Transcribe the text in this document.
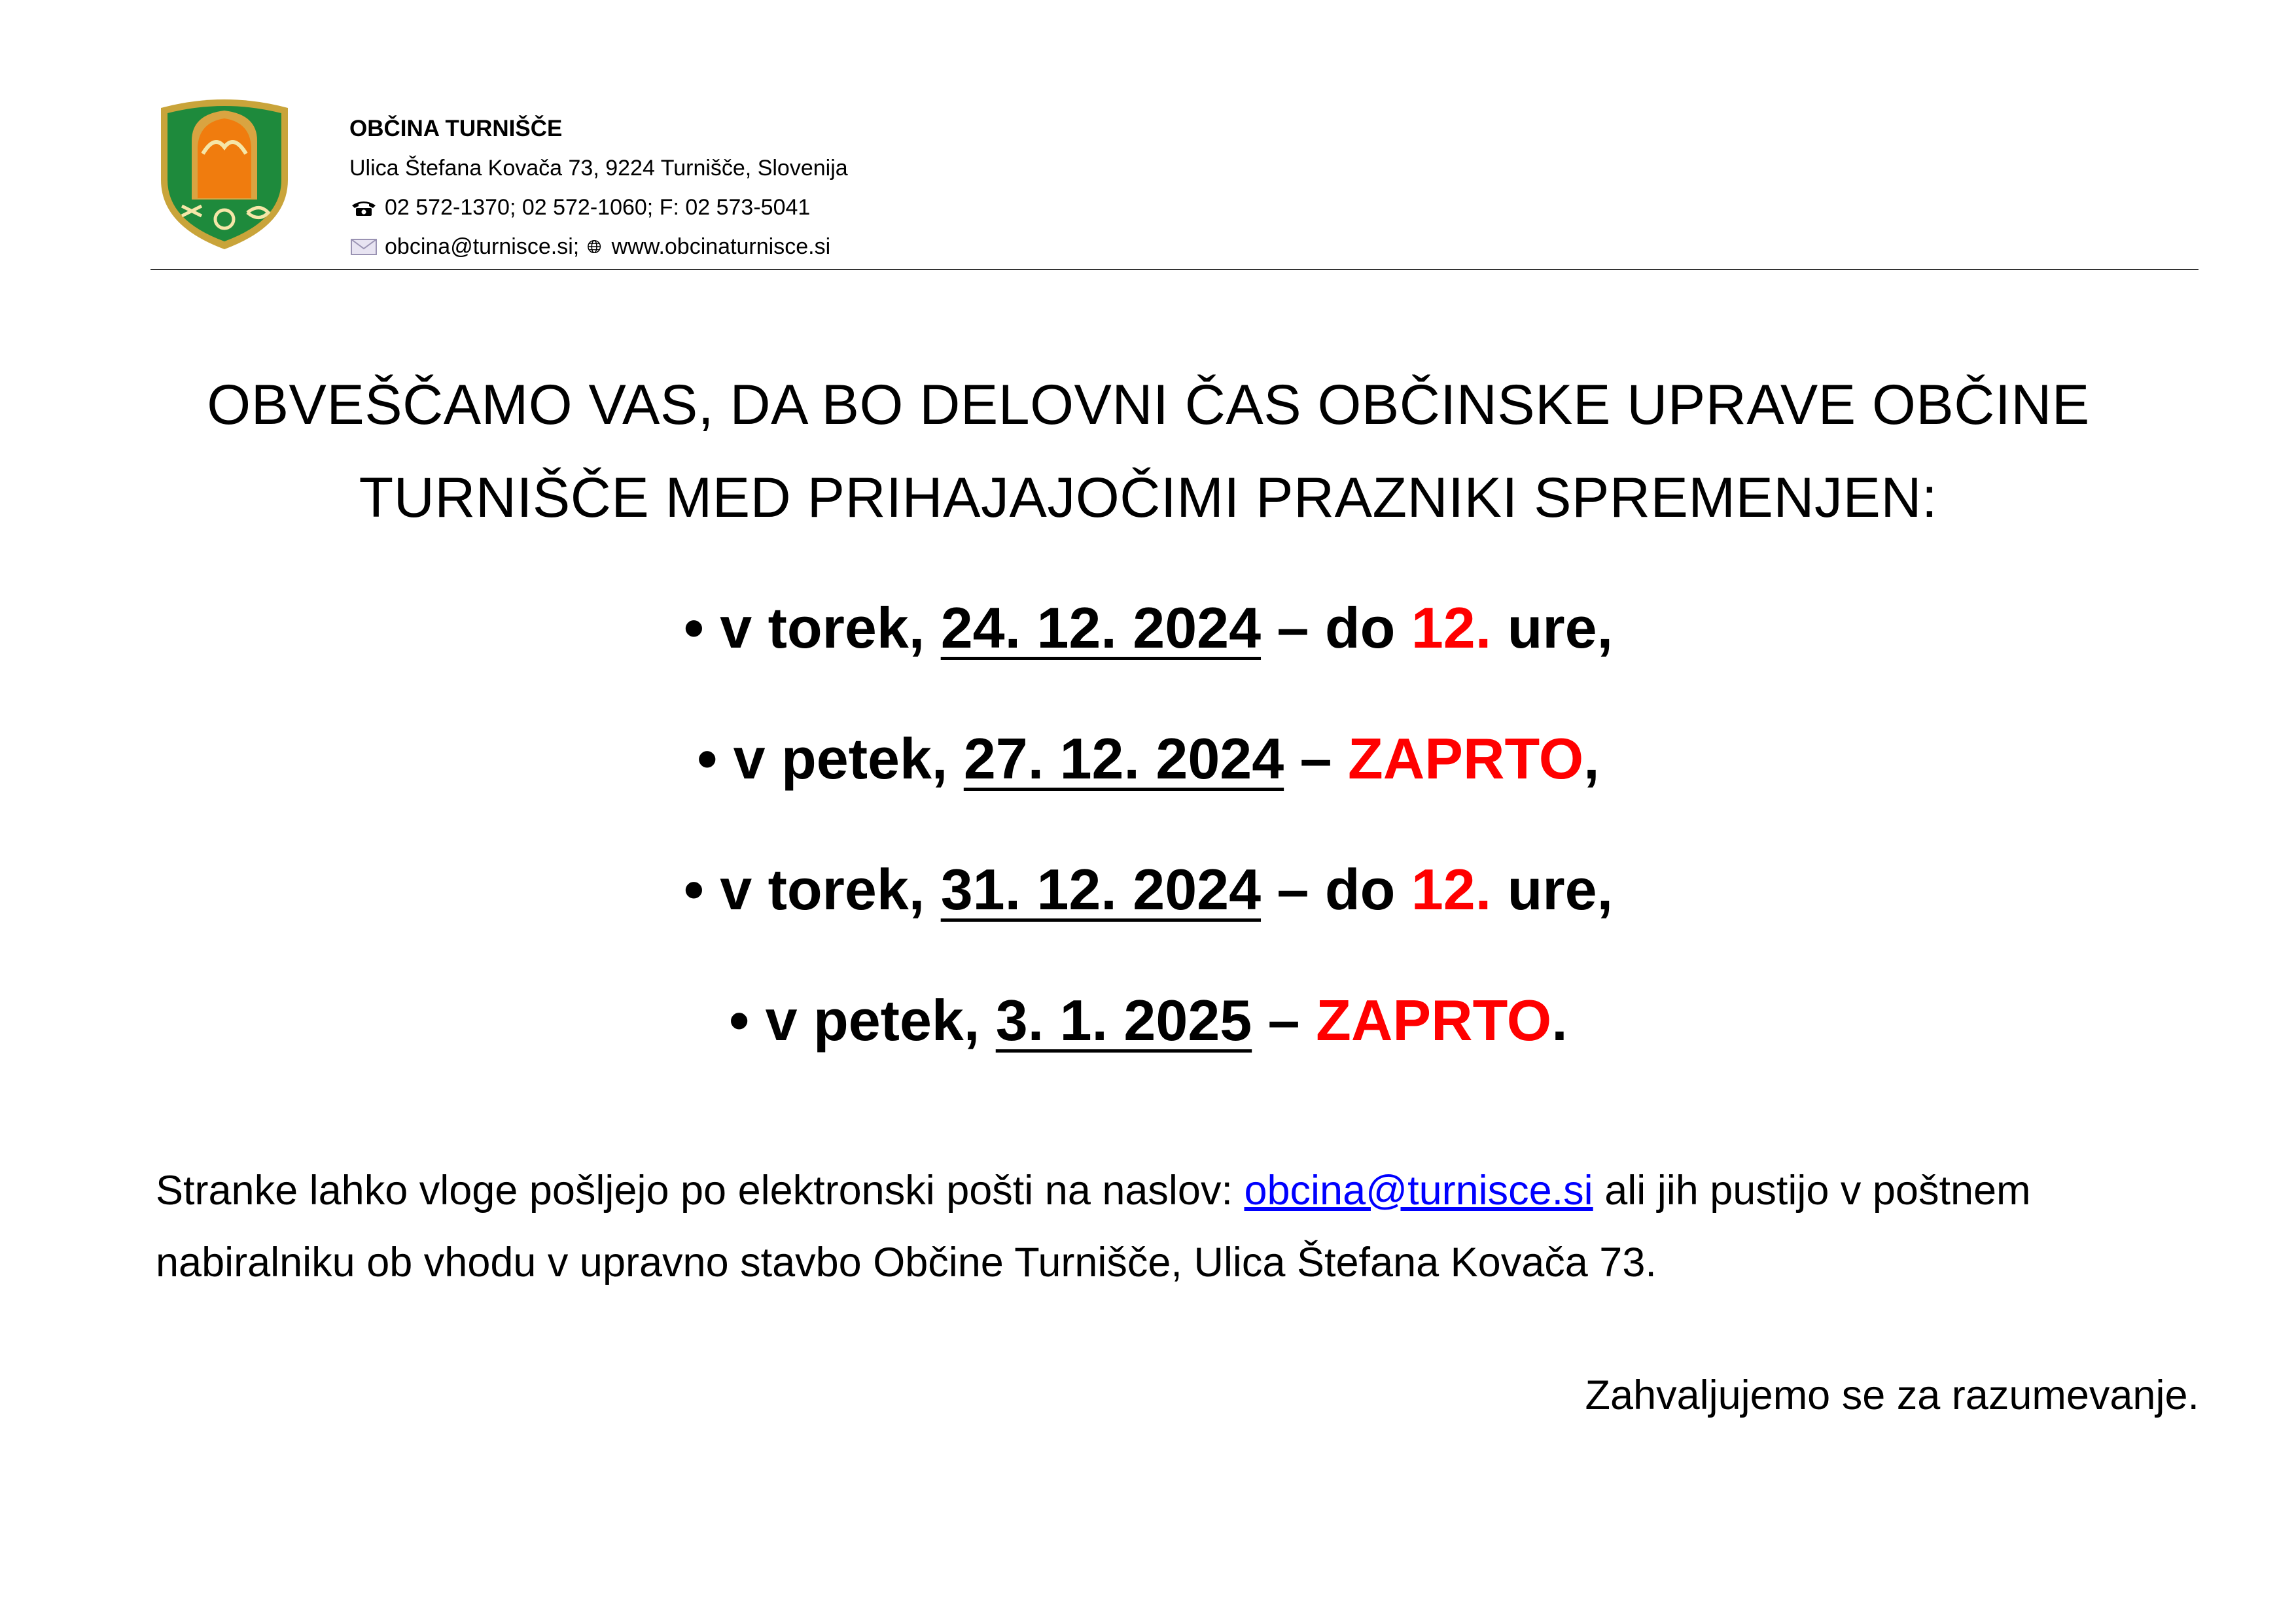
OBČINA TURNIŠČE
Ulica Štefana Kovača 73, 9224 Turnišče, Slovenija
02 572-1370; 02 572-1060; F: 02 573-5041
obcina@turnisce.si;
www.obcinaturnisce.si
OBVEŠČAMO VAS, DA BO DELOVNI ČAS OBČINSKE UPRAVE OBČINE
TURNIŠČE MED PRIHAJAJOČIMI PRAZNIKI SPREMENJEN:
• v torek, 24. 12. 2024 – do 12. ure,
• v petek, 27. 12. 2024 – ZAPRTO,
• v torek, 31. 12. 2024 – do 12. ure,
• v petek, 3. 1. 2025 – ZAPRTO.
Stranke lahko vloge pošljejo po elektronski pošti na naslov: obcina@turnisce.si ali jih pustijo v poštnem nabiralniku ob vhodu v upravno stavbo Občine Turnišče, Ulica Štefana Kovača 73.
Zahvaljujemo se za razumevanje.
